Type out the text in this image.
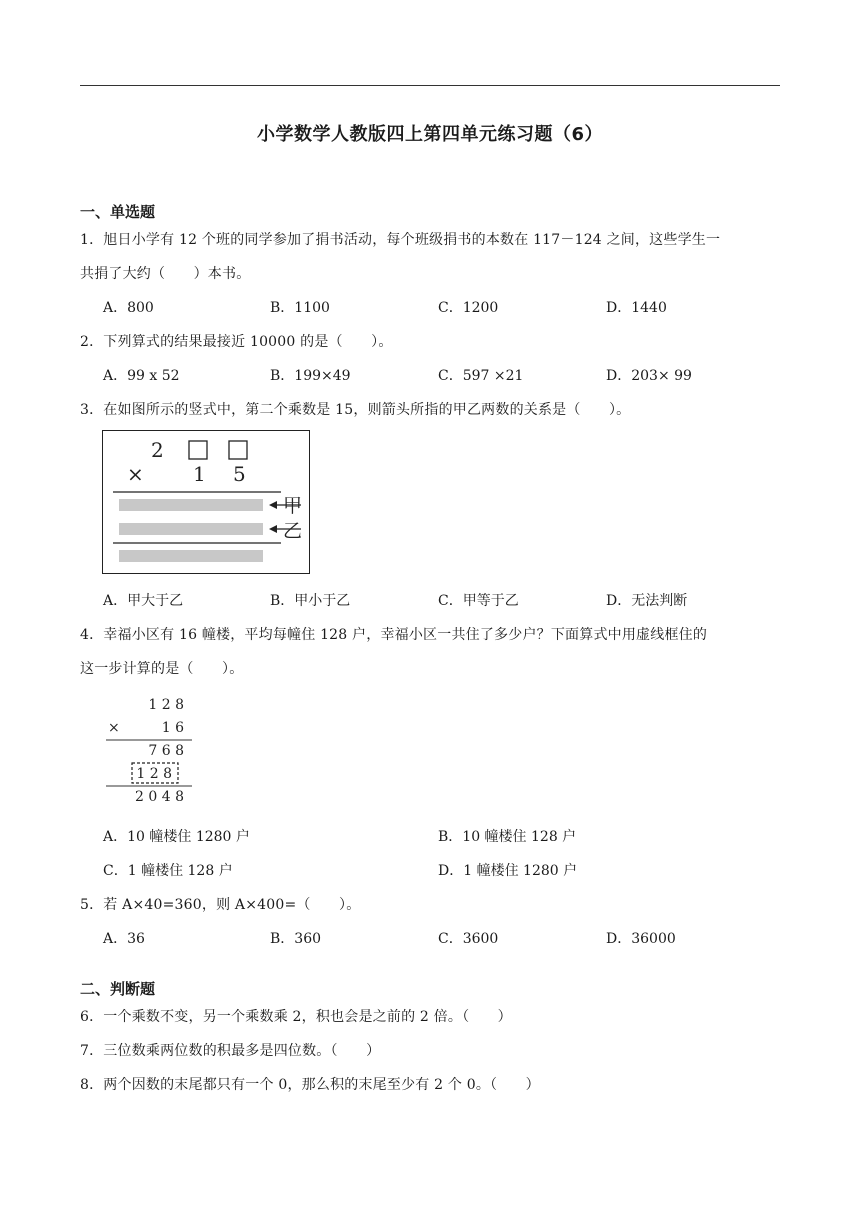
小学数学人教版四上第四单元练习题（6）
一、单选题
1．旭日小学有 12 个班的同学参加了捐书活动，每个班级捐书的本数在 117－124 之间，这些学生一
共捐了大约（　　）本书。
A．800	B．1100	C．1200	D．1440
2．下列算式的结果最接近 10000 的是（　　）。
A．99 x 52	B．199×49	C．597 ×21	D．203× 99
3．在如图所示的竖式中，第二个乘数是 15，则箭头所指的甲乙两数的关系是（　　）。
2
× 1 5
甲
乙
A．甲大于乙	B．甲小于乙	C．甲等于乙	D．无法判断
4．幸福小区有 16 幢楼，平均每幢住 128 户，幸福小区一共住了多少户？下面算式中用虚线框住的
这一步计算的是（　　）。
1 2 8
×	1 6
7 6 8
1 2 8
2 0 4 8
A．10 幢楼住 1280 户	B．10 幢楼住 128 户
C．1 幢楼住 128 户	D．1 幢楼住 1280 户
5．若 A×40=360，则 A×400=（　　）。
A．36	B．360	C．3600	D．36000
二、判断题
6．一个乘数不变，另一个乘数乘 2，积也会是之前的 2 倍。（　　）
7．三位数乘两位数的积最多是四位数。（　　）
8．两个因数的末尾都只有一个 0，那么积的末尾至少有 2 个 0。（　　）
